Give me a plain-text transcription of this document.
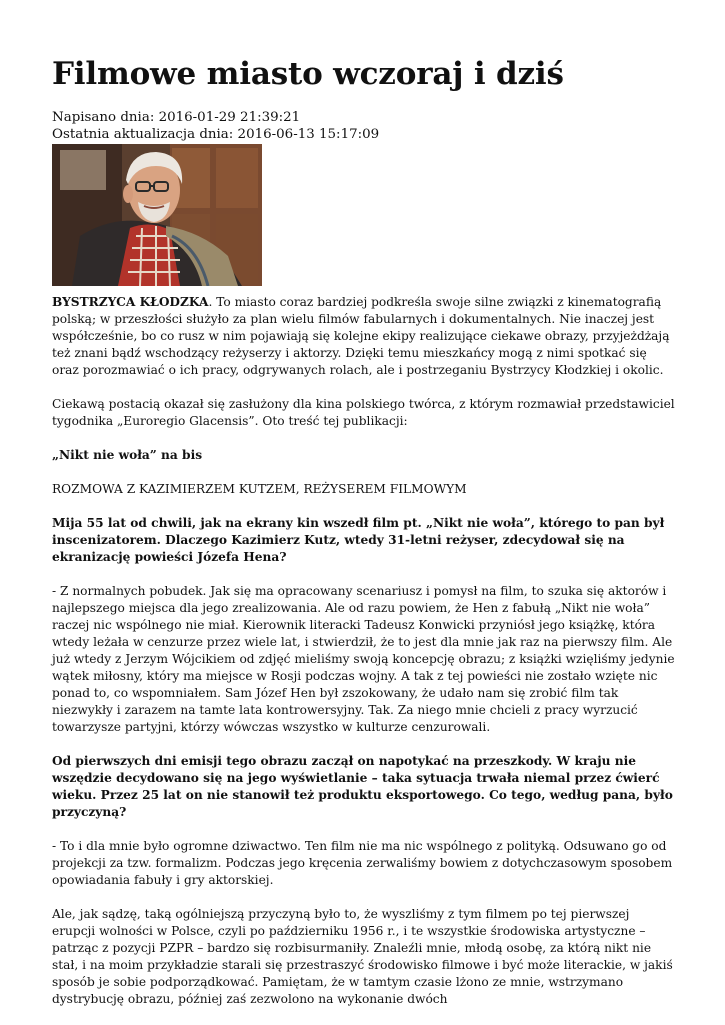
Filmowe miasto wczoraj i dziś
Napisano dnia: 2016-01-29 21:39:21
Ostatnia aktualizacja dnia: 2016-06-13 15:17:09

BYSTRZYCA KŁODZKA. To miasto coraz bardziej podkreśla swoje silne związki z kinematografią polską; w przeszłości służyło za plan wielu filmów fabularnych i dokumentalnych. Nie inaczej jest współcześnie, bo co rusz w nim pojawiają się kolejne ekipy realizujące ciekawe obrazy, przyjeżdżają też znani bądź wschodzący reżyserzy i aktorzy. Dzięki temu mieszkańcy mogą z nimi spotkać się oraz porozmawiać o ich pracy, odgrywanych rolach, ale i postrzeganiu Bystrzycy Kłodzkiej i okolic.

Ciekawą postacią okazał się zasłużony dla kina polskiego twórca, z którym rozmawiał przedstawiciel tygodnika „Euroregio Glacensis”. Oto treść tej publikacji:

„Nikt nie woła” na bis

ROZMOWA Z KAZIMIERZEM KUTZEM, REŻYSEREM FILMOWYM

Mija 55 lat od chwili, jak na ekrany kin wszedł film pt. „Nikt nie woła”, którego to pan był inscenizatorem. Dlaczego Kazimierz Kutz, wtedy 31-letni reżyser, zdecydował się na ekranizację powieści Józefa Hena?

- Z normalnych pobudek. Jak się ma opracowany scenariusz i pomysł na film, to szuka się aktorów i najlepszego miejsca dla jego zrealizowania. Ale od razu powiem, że Hen z fabułą „Nikt nie woła” raczej nic wspólnego nie miał. Kierownik literacki Tadeusz Konwicki przyniósł jego książkę, która wtedy leżała w cenzurze przez wiele lat, i stwierdził, że to jest dla mnie jak raz na pierwszy film. Ale już wtedy z Jerzym Wójcikiem od zdjęć mieliśmy swoją koncepcję obrazu; z książki wzięliśmy jedynie wątek miłosny, który ma miejsce w Rosji podczas wojny. A tak z tej powieści nie zostało wzięte nic ponad to, co wspomniałem. Sam Józef Hen był zszokowany, że udało nam się zrobić film tak niezwykły i zarazem na tamte lata kontrowersyjny. Tak. Za niego mnie chcieli z pracy wyrzucić towarzysze partyjni, którzy wówczas wszystko w kulturze cenzurowali.

Od pierwszych dni emisji tego obrazu zaczął on napotykać na przeszkody. W kraju nie wszędzie decydowano się na jego wyświetlanie – taka sytuacja trwała niemal przez ćwierć wieku. Przez 25 lat on nie stanowił też produktu eksportowego. Co tego, według pana, było przyczyną?

- To i dla mnie było ogromne dziwactwo. Ten film nie ma nic wspólnego z polityką. Odsuwano go od projekcji za tzw. formalizm. Podczas jego kręcenia zerwaliśmy bowiem z dotychczasowym sposobem opowiadania fabuły i gry aktorskiej.

Ale, jak sądzę, taką ogólniejszą przyczyną było to, że wyszliśmy z tym filmem po tej pierwszej erupcji wolności w Polsce, czyli po październiku 1956 r., i te wszystkie środowiska artystyczne – patrząc z pozycji PZPR – bardzo się rozbisurmaniły. Znaleźli mnie, młodą osobę, za którą nikt nie stał, i na moim przykładzie starali się przestraszyć środowisko filmowe i być może literackie, w jakiś sposób je sobie podporządkować. Pamiętam, że w tamtym czasie lżono ze mnie, wstrzymano dystrybucję obrazu, później zaś zezwolono na wykonanie dwóch
